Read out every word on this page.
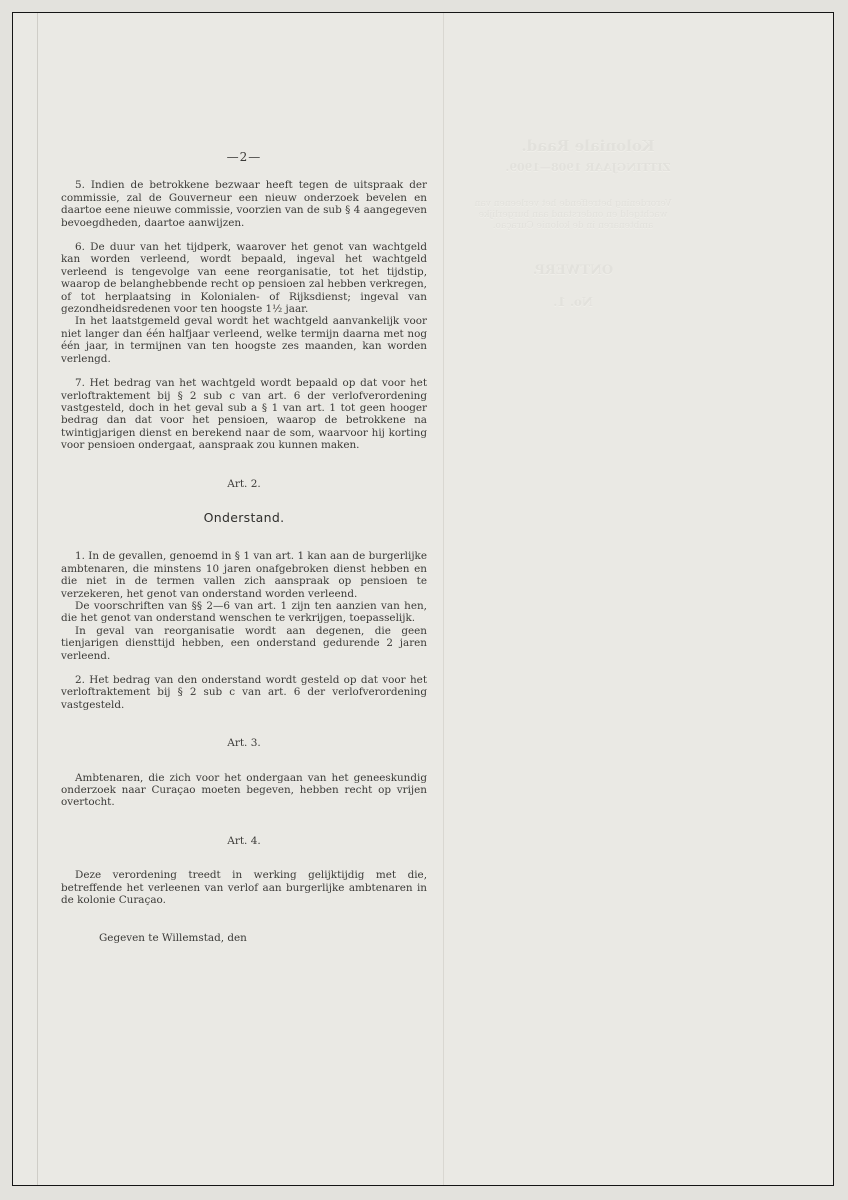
Koloniale Raad.
ZITTINGJAAR 1908—1909.
Verordening betreffende het verleenen van wachtgeld en onderstand aan burgerlijke ambtenaren in de kolonie Curaçao.
ONTWERP.
No. 1.
—2—

5. Indien de betrokkene bezwaar heeft tegen de uitspraak der commissie, zal de Gouverneur een nieuw onderzoek bevelen en daartoe eene nieuwe commissie, voorzien van de sub § 4 aangegeven bevoegdheden, daartoe aanwijzen.

6. De duur van het tijdperk, waarover het genot van wachtgeld kan worden verleend, wordt bepaald, ingeval het wachtgeld verleend is tengevolge van eene reorganisatie, tot het tijdstip, waarop de belanghebbende recht op pensioen zal hebben verkregen, of tot herplaatsing in Kolonialen- of Rijksdienst; ingeval van gezondheidsredenen voor ten hoogste 1½ jaar.

In het laatstgemeld geval wordt het wachtgeld aanvankelijk voor niet langer dan één halfjaar verleend, welke termijn daarna met nog één jaar, in termijnen van ten hoogste zes maanden, kan worden verlengd.

7. Het bedrag van het wachtgeld wordt bepaald op dat voor het verloftraktement bij § 2 sub c van art. 6 der verlofverordening vastgesteld, doch in het geval sub a § 1 van art. 1 tot geen hooger bedrag dan dat voor het pensioen, waarop de betrokkene na twintigjarigen dienst en berekend naar de som, waarvoor hij korting voor pensioen ondergaat, aanspraak zou kunnen maken.

Art. 2.
Onderstand.

1. In de gevallen, genoemd in § 1 van art. 1 kan aan de burgerlijke ambtenaren, die minstens 10 jaren onafgebroken dienst hebben en die niet in de termen vallen zich aanspraak op pensioen te verzekeren, het genot van onderstand worden verleend.

De voorschriften van §§ 2—6 van art. 1 zijn ten aanzien van hen, die het genot van onderstand wenschen te verkrijgen, toepasselijk.

In geval van reorganisatie wordt aan degenen, die geen tienjarigen diensttijd hebben, een onderstand gedurende 2 jaren verleend.

2. Het bedrag van den onderstand wordt gesteld op dat voor het verloftraktement bij § 2 sub c van art. 6 der verlofverordening vastgesteld.

Art. 3.

Ambtenaren, die zich voor het ondergaan van het geneeskundig onderzoek naar Curaçao moeten begeven, hebben recht op vrijen overtocht.

Art. 4.

Deze verordening treedt in werking gelijktijdig met die, betreffende het verleenen van verlof aan burgerlijke ambtenaren in de kolonie Curaçao.

Gegeven te Willemstad, den
